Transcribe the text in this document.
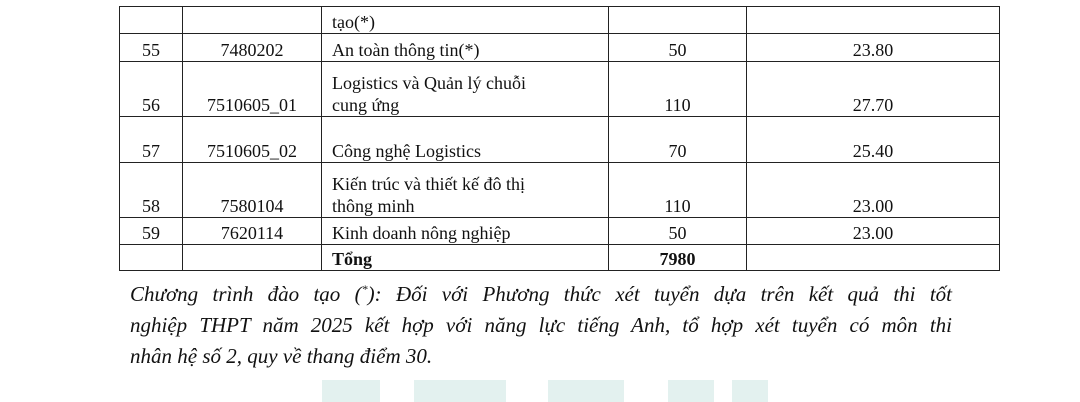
		tạo(*)		
55	7480202	An toàn thông tin(*)	50	23.80
56	7510605_01	Logistics và Quản lý chuỗi
cung ứng	110	27.70
57	7510605_02	Công nghệ Logistics	70	25.40
58	7580104	Kiến trúc và thiết kế đô thị
thông minh	110	23.00
59	7620114	Kinh doanh nông nghiệp	50	23.00
		Tổng	7980	

Chương trình đào tạo (*): Đối với Phương thức xét tuyển dựa trên kết quả thi tốt
nghiệp THPT năm 2025 kết hợp với năng lực tiếng Anh, tổ hợp xét tuyển có môn thi
nhân hệ số 2, quy về thang điểm 30.
